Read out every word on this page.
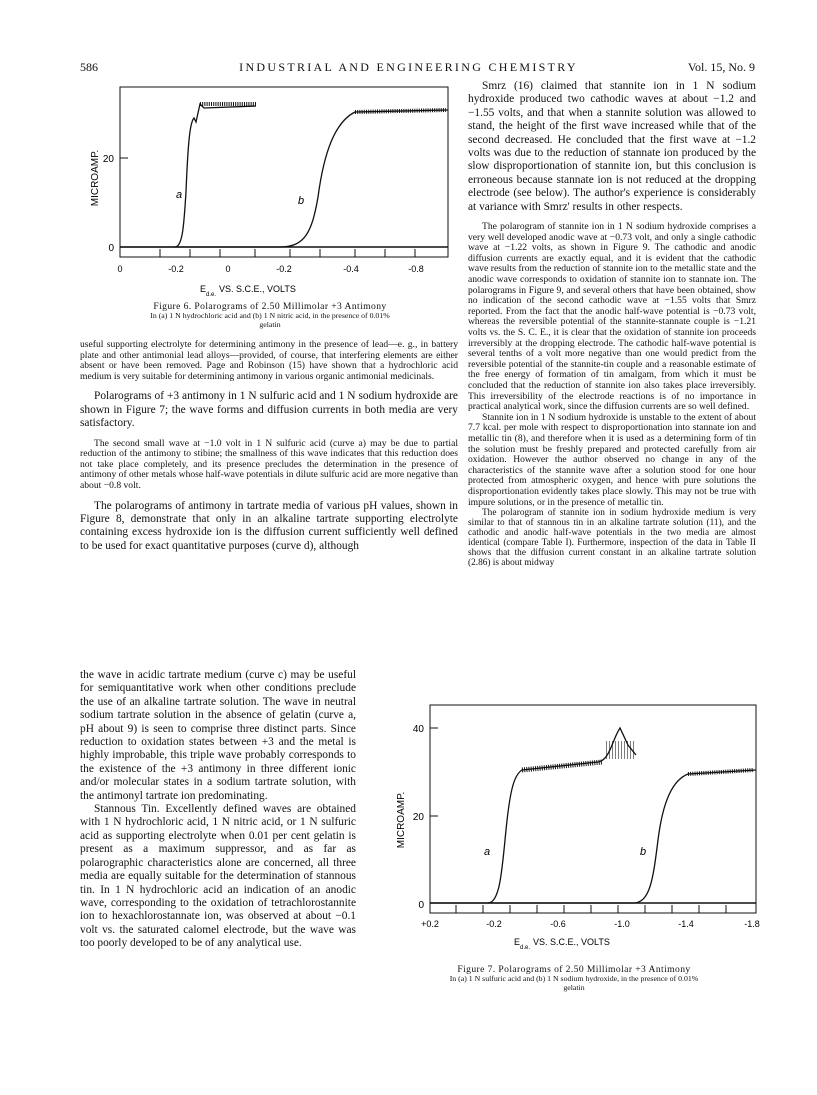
586	INDUSTRIAL AND ENGINEERING CHEMISTRY	Vol. 15, No. 9
MICROAMP. 20
0
a	b
0	-0.2	0	-0.2	-0.4	-0.8
$E_{d.e.}VS$. S.C.E., VOLTS
Figure 6. Polarograms of 2.50 Millimolar +3 Antimony
In (a) 1 N hydrochloric acid and (b) 1 N nitric acid, in the presence of 0.01%
gelatin

Smrz (16) claimed that stannite ion in 1 N sodium hydroxide produced two cathodic waves at about −1.2 and −1.55 volts, and that when a stannite solution was allowed to stand, the height of the first wave increased while that of the second decreased. He concluded that the first wave at −1.2 volts was due to the reduction of stannate ion produced by the slow disproportionation of stannite ion, but this conclusion is erroneous because stannate ion is not reduced at the dropping electrode (see below). The author's experience is considerably at variance with Smrz' results in other respects.

The polarogram of stannite ion in 1 N sodium hydroxide comprises a very well developed anodic wave at −0.73 volt, and only a single cathodic wave at −1.22 volts, as shown in Figure 9. The cathodic and anodic diffusion currents are exactly equal, and it is evident that the cathodic wave results from the reduction of stannite ion to the metallic state and the anodic wave corresponds to oxidation of stannite ion to stannate ion. The polarograms in Figure 9, and several others that have been obtained, show no indication of the second cathodic wave at −1.55 volts that Smrz reported. From the fact that the anodic half-wave potential is −0.73 volt, whereas the reversible potential of the stannite-stannate couple is −1.21 volts vs. the S. C. E., it is clear that the oxidation of stannite ion proceeds irreversibly at the dropping electrode. The cathodic half-wave potential is several tenths of a volt more negative than one would predict from the reversible potential of the stannite-tin couple and a reasonable estimate of the free energy of formation of tin amalgam, from which it must be concluded that the reduction of stannite ion also takes place irreversibly. This irreversibility of the electrode reactions is of no importance in practical analytical work, since the diffusion currents are so well defined.

Stannite ion in 1 N sodium hydroxide is unstable to the extent of about 7.7 kcal. per mole with respect to disproportionation into stannate ion and metallic tin (8), and therefore when it is used as a determining form of tin the solution must be freshly prepared and protected carefully from air oxidation. However the author observed no change in any of the characteristics of the stannite wave after a solution stood for one hour protected from atmospheric oxygen, and hence with pure solutions the disproportionation evidently takes place slowly. This may not be true with impure solutions, or in the presence of metallic tin.

The polarogram of stannite ion in sodium hydroxide medium is very similar to that of stannous tin in an alkaline tartrate solution (11), and the cathodic and anodic half-wave potentials in the two media are almost identical (compare Table I). Furthermore, inspection of the data in Table II shows that the diffusion current constant in an alkaline tartrate solution (2.86) is about midway

useful supporting electrolyte for determining antimony in the presence of lead—e. g., in battery plate and other antimonial lead alloys—provided, of course, that interfering elements are either absent or have been removed. Page and Robinson (15) have shown that a hydrochloric acid medium is very suitable for determining antimony in various organic antimonial medicinals.

Polarograms of +3 antimony in 1 N sulfuric acid and 1 N sodium hydroxide are shown in Figure 7; the wave forms and diffusion currents in both media are very satisfactory.

The second small wave at −1.0 volt in 1 N sulfuric acid (curve a) may be due to partial reduction of the antimony to stibine; the smallness of this wave indicates that this reduction does not take place completely, and its presence precludes the determination in the presence of antimony of other metals whose half-wave potentials in dilute sulfuric acid are more negative than about −0.8 volt.

The polarograms of antimony in tartrate media of various pH values, shown in Figure 8, demonstrate that only in an alkaline tartrate supporting electrolyte containing excess hydroxide ion is the diffusion current sufficiently well defined to be used for exact quantitative purposes (curve d), although

the wave in acidic tartrate medium (curve c) may be useful for semiquantitative work when other conditions preclude the use of an alkaline tartrate solution. The wave in neutral sodium tartrate solution in the absence of gelatin (curve a, pH about 9) is seen to comprise three distinct parts. Since reduction to oxidation states between +3 and the metal is highly improbable, this triple wave probably corresponds to the existence of the +3 antimony in three different ionic and/or molecular states in a sodium tartrate solution, with the antimonyl tartrate ion predominating.

Stannous Tin. Excellently defined waves are obtained with 1 N hydrochloric acid, 1 N nitric acid, or 1 N sulfuric acid as supporting electrolyte when 0.01 per cent gelatin is present as a maximum suppressor, and as far as polarographic characteristics alone are concerned, all three media are equally suitable for the determination of stannous tin. In 1 N hydrochloric acid an indication of an anodic wave, corresponding to the oxidation of tetrachlorostannite ion to hexachlorostannate ion, was observed at about −0.1 volt vs. the saturated calomel electrode, but the wave was too poorly developed to be of any analytical use.

MICROAMP.
40
20
0
a	b
+0.2	-0.2	-0.6	-1.0	-1.4	-1.8
$E_{d.e.}VS$. S.C.E., VOLTS
Figure 7. Polarograms of 2.50 Millimolar +3 Antimony
In (a) 1 N sulfuric acid and (b) 1 N sodium hydroxide, in the presence of 0.01%
gelatin
